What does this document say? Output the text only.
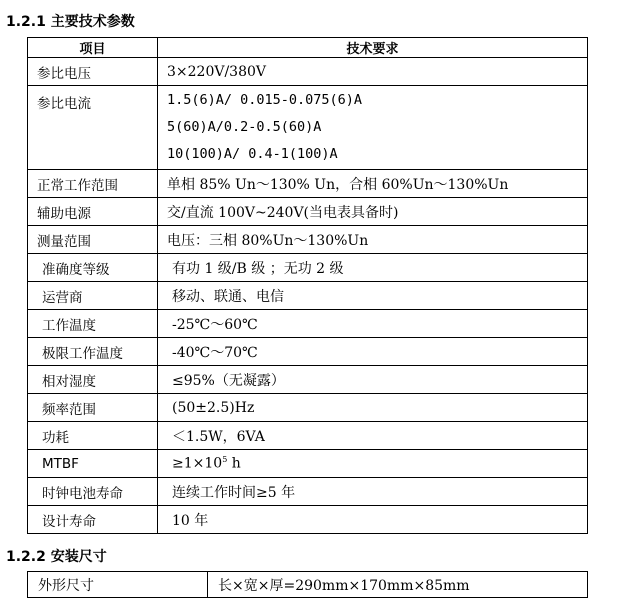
1.2.1 主要技术参数
项目	技术要求
参比电压	3×220V/380V
参比电流	1.5(6)A/ 0.015-0.075(6)A
5(60)A/0.2-0.5(60)A
10(100)A/ 0.4-1(100)A

正常工作范围	单相 85% Un～130% Un，合相 60%Un～130%Un
辅助电源	交/直流 100V~240V(当电表具备时)
测量范围	电压：三相 80%Un～130%Un
准确度等级	有功 1 级/B 级 ；无功 2 级
运营商	移动、联通、电信
工作温度	-25℃～60℃
极限工作温度	-40℃～70℃
相对湿度	≤95%（无凝露）
频率范围	(50±2.5)Hz
功耗	＜1.5W，6VA
MTBF	$\ge 1\times 10^5$ h
时钟电池寿命	连续工作时间≥5 年
设计寿命	10 年
1.2.2 安装尺寸
外形尺寸	长×宽×厚=290mm×170mm×85mm
